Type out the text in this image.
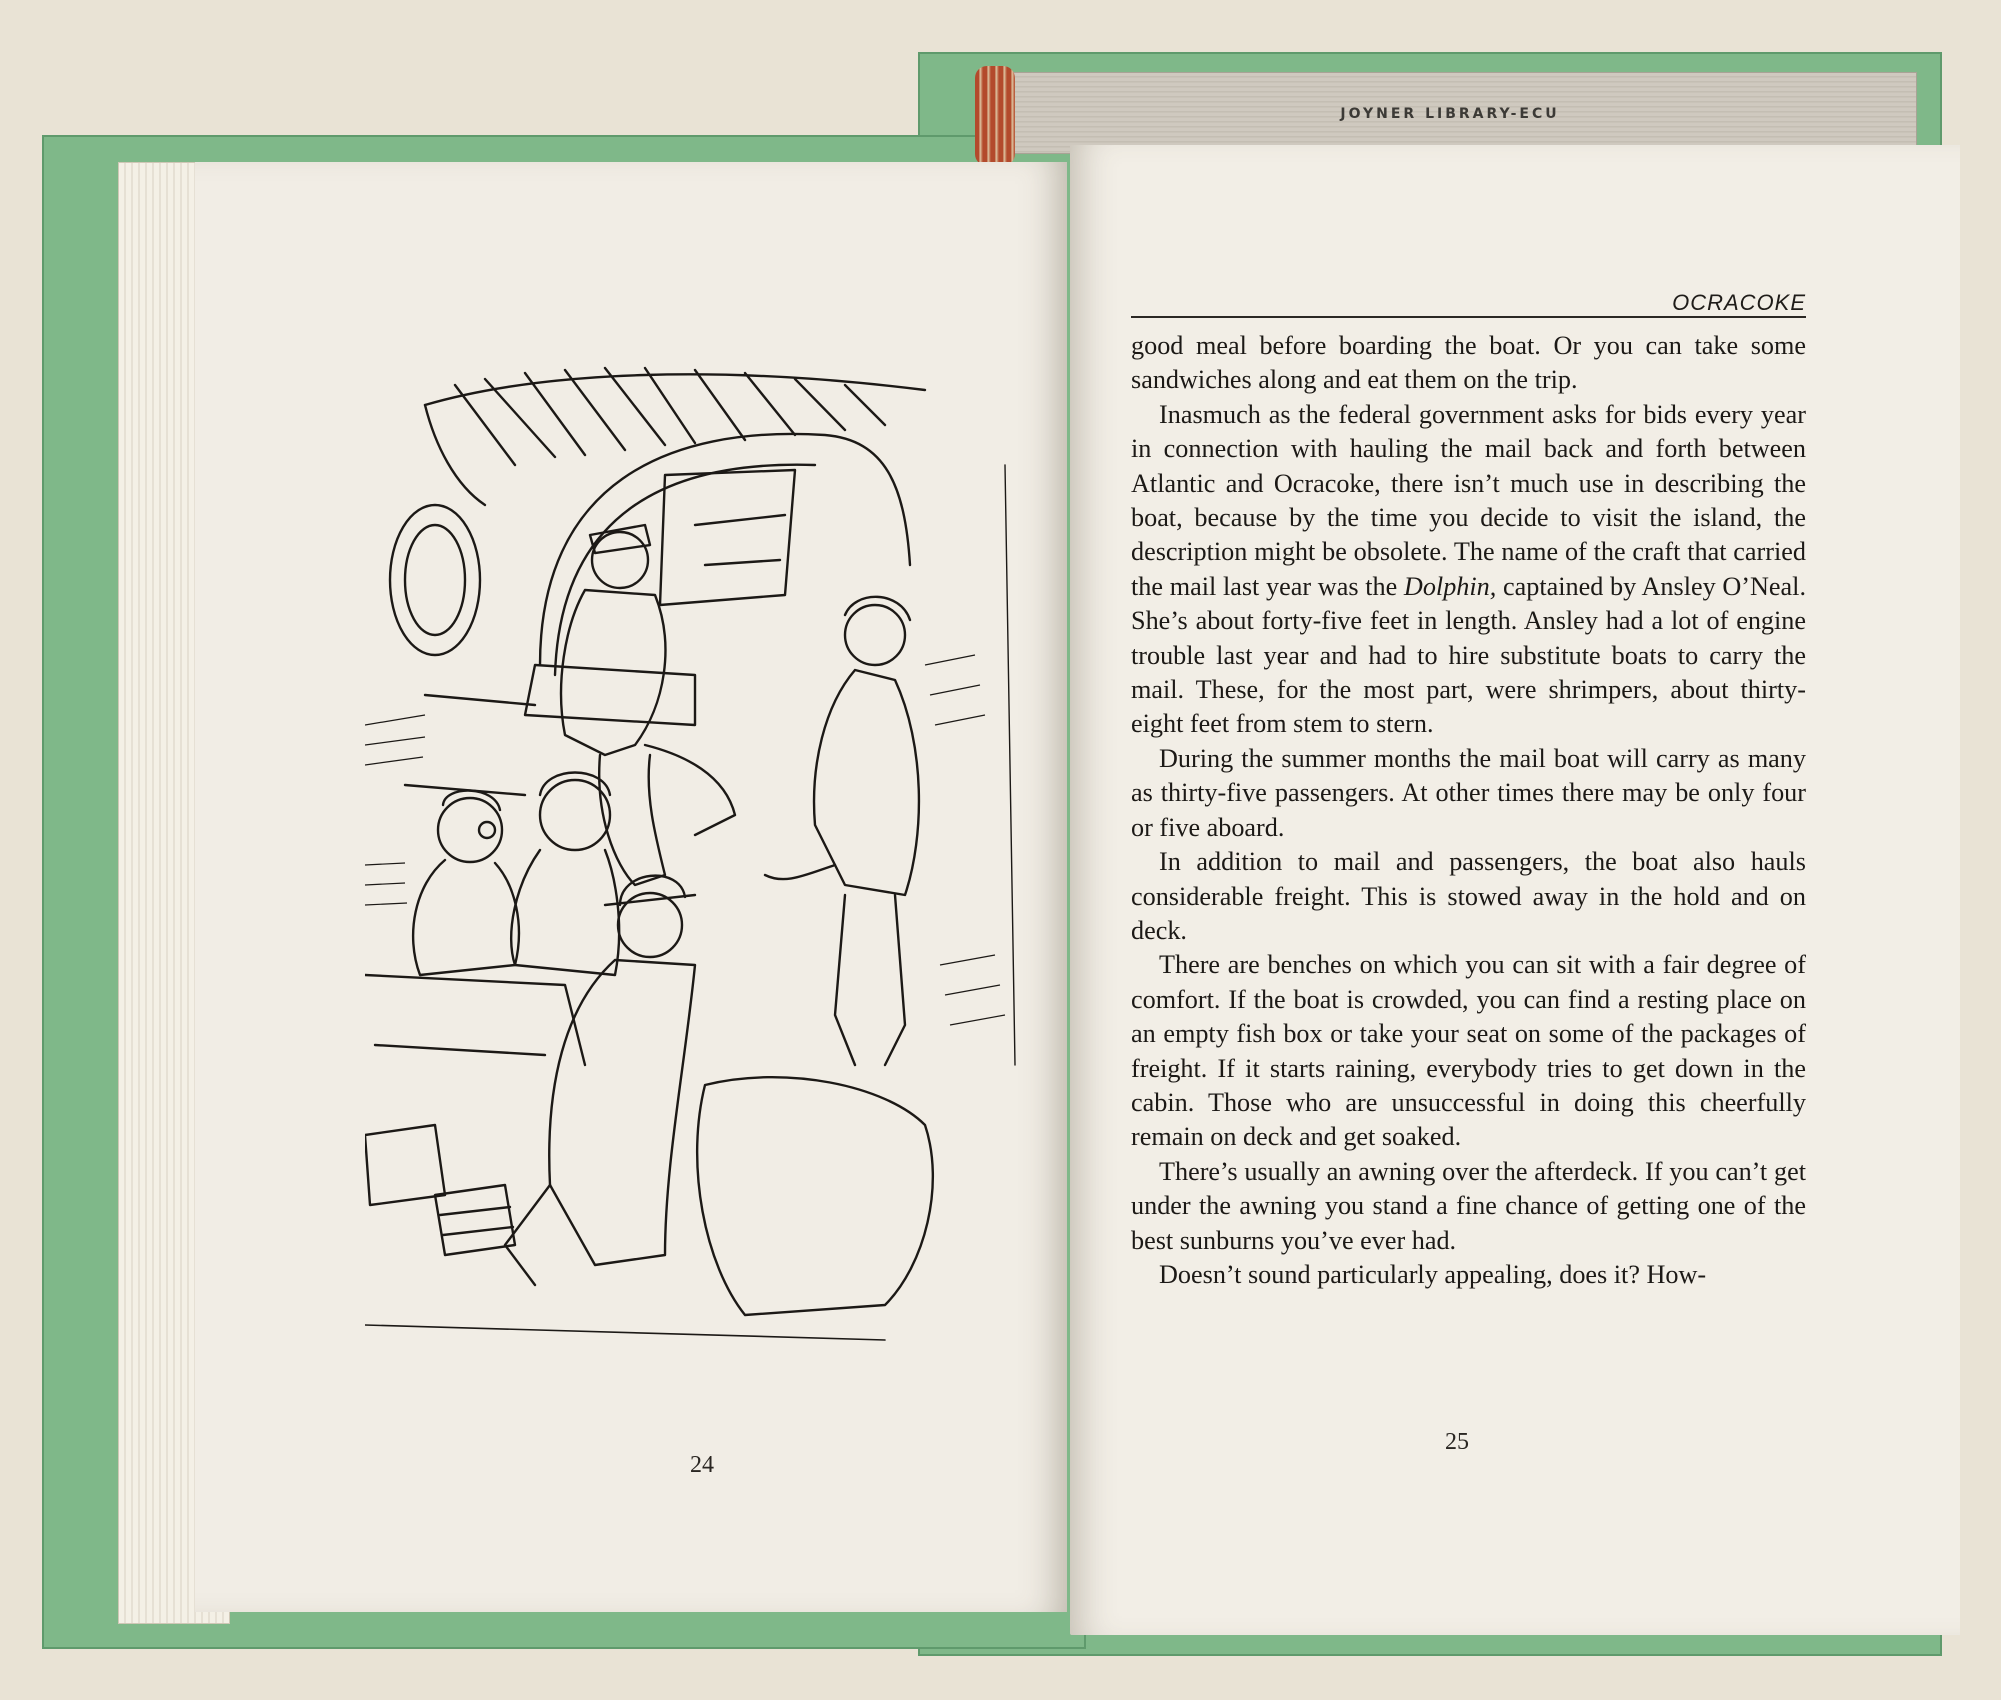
JOYNER LIBRARY-ECU
24
OCRACOKE

good meal before boarding the boat. Or you can take some sandwiches along and eat them on the trip.

Inasmuch as the federal government asks for bids every year in connection with hauling the mail back and forth between Atlantic and Ocracoke, there isn’t much use in describing the boat, because by the time you decide to visit the island, the description might be obsolete. The name of the craft that carried the mail last year was the Dolphin, captained by Ansley O’Neal. She’s about forty-five feet in length. Ansley had a lot of engine trouble last year and had to hire substitute boats to carry the mail. These, for the most part, were shrimpers, about thirty-eight feet from stem to stern.

During the summer months the mail boat will carry as many as thirty-five passengers. At other times there may be only four or five aboard.

In addition to mail and passengers, the boat also hauls considerable freight. This is stowed away in the hold and on deck.

There are benches on which you can sit with a fair degree of comfort. If the boat is crowded, you can find a resting place on an empty fish box or take your seat on some of the packages of freight. If it starts raining, everybody tries to get down in the cabin. Those who are unsuccessful in doing this cheerfully remain on deck and get soaked.

There’s usually an awning over the afterdeck. If you can’t get under the awning you stand a fine chance of getting one of the best sunburns you’ve ever had.

Doesn’t sound particularly appealing, does it? How-

25
